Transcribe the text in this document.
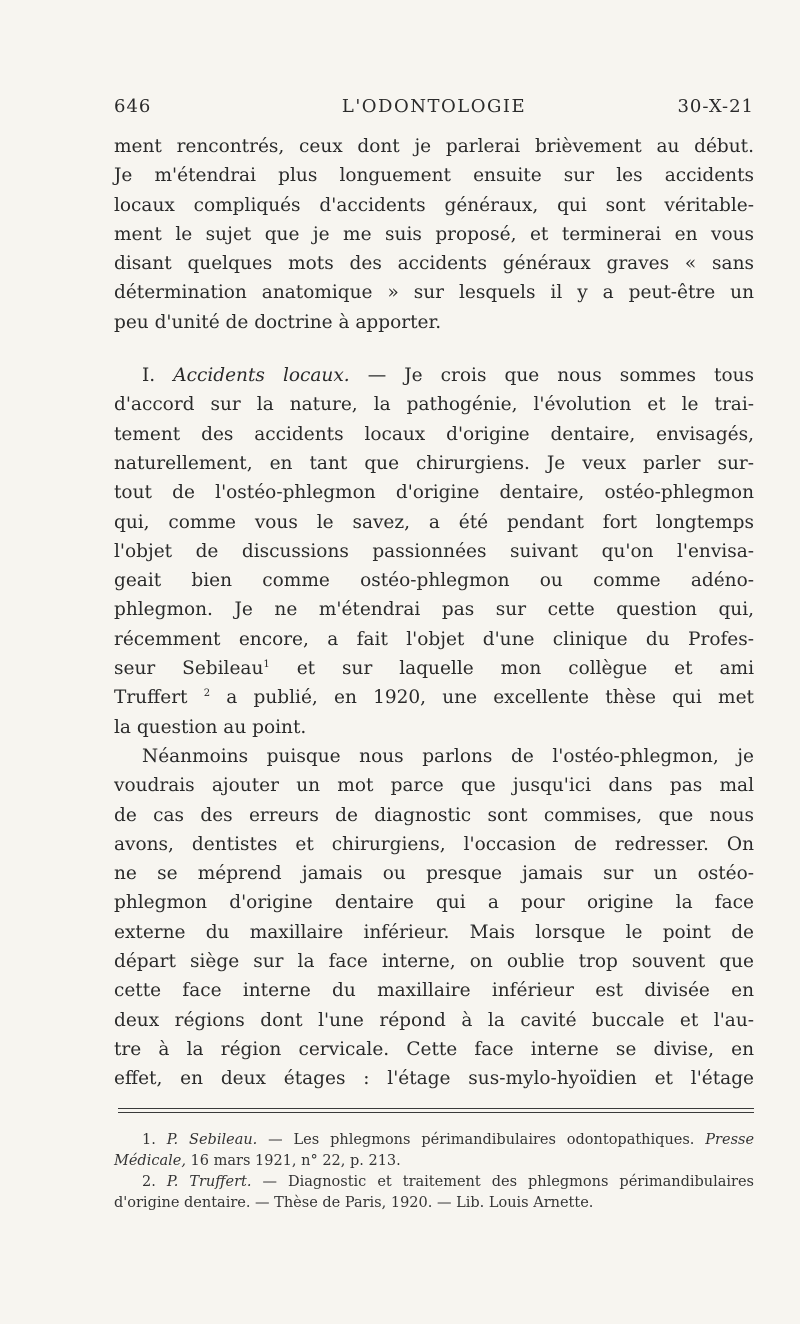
646	L'ODONTOLOGIE	30-X-21
ment rencontrés, ceux dont je parlerai brièvement au début.
Je m'étendrai plus longuement ensuite sur les accidents
locaux compliqués d'accidents généraux, qui sont véritable-
ment le sujet que je me suis proposé, et terminerai en vous
disant quelques mots des accidents généraux graves « sans
détermination anatomique » sur lesquels il y a peut-être un
peu d'unité de doctrine à apporter.
I. Accidents locaux. — Je crois que nous sommes tous
d'accord sur la nature, la pathogénie, l'évolution et le trai-
tement des accidents locaux d'origine dentaire, envisagés,
naturellement, en tant que chirurgiens. Je veux parler sur-
tout de l'ostéo-phlegmon d'origine dentaire, ostéo-phlegmon
qui, comme vous le savez, a été pendant fort longtemps
l'objet de discussions passionnées suivant qu'on l'envisa-
geait bien comme ostéo-phlegmon ou comme adéno-
phlegmon. Je ne m'étendrai pas sur cette question qui,
récemment encore, a fait l'objet d'une clinique du Profes-
seur Sebileau$^1$ et sur laquelle mon collègue et ami
Truffert $^2$ a publié, en 1920, une excellente thèse qui met
la question au point.
Néanmoins puisque nous parlons de l'ostéo-phlegmon, je
voudrais ajouter un mot parce que jusqu'ici dans pas mal
de cas des erreurs de diagnostic sont commises, que nous
avons, dentistes et chirurgiens, l'occasion de redresser. On
ne se méprend jamais ou presque jamais sur un ostéo-
phlegmon d'origine dentaire qui a pour origine la face
externe du maxillaire inférieur. Mais lorsque le point de
départ siège sur la face interne, on oublie trop souvent que
cette face interne du maxillaire inférieur est divisée en
deux régions dont l'une répond à la cavité buccale et l'au-
tre à la région cervicale. Cette face interne se divise, en
effet, en deux étages : l'étage sus-mylo-hyoïdien et l'étage
1. P. Sebileau. — Les phlegmons périmandibulaires odontopathiques. Presse
Médicale, 16 mars 1921, n° 22, p. 213.
2. P. Truffert. — Diagnostic et traitement des phlegmons périmandibulaires
d'origine dentaire. — Thèse de Paris, 1920. — Lib. Louis Arnette.
